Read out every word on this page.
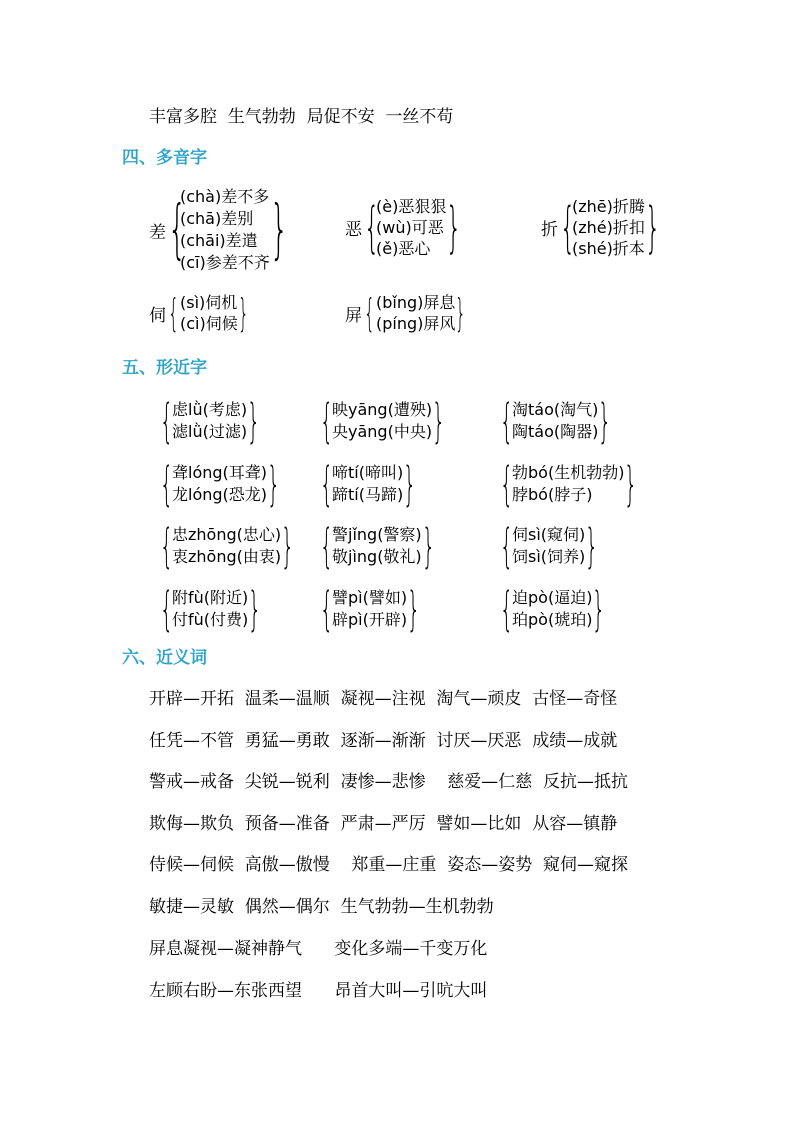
丰富多腔  生气勃勃  局促不安  一丝不苟
四、多音字
差 {
(chà)差不多
(chā)差别
(chāi)差遣
(cī)参差不齐 }	恶 {
(è)恶狠狠
(wù)可恶
(ě)恶心 }	折 {
(zhē)折腾
(zhé)折扣
(shé)折本 }
伺 { (sì)伺机
(cì)伺候 }	屏 { (bǐng)屏息
(píng)屏风 }
五、形近字
{
虑lǜ(考虑)
滤lǜ(过滤) } {
映yāng(遭殃)
央yāng(中央) } {
淘táo(淘气)
陶táo(陶器) }
{
聋lóng(耳聋)
龙lóng(恐龙) } {
啼tí(啼叫)
蹄tí(马蹄) } {
勃bó(生机勃勃)
脖bó(脖子) }
{
忠zhōng(忠心)
衷zhōng(由衷) } {
警jǐng(警察)
敬jìng(敬礼) } {
伺sì(窥伺)
饲sì(饲养) }
{
附fù(附近)
付fù(付费) } {
譬pì(譬如)
辟pì(开辟) } {
迫pò(逼迫)
珀pò(琥珀) }
六、近义词
开辟—开拓  温柔—温顺  凝视—注视  淘气—顽皮  古怪—奇怪
任凭—不管  勇猛—勇敢  逐渐—渐渐  讨厌—厌恶  成绩—成就
警戒—戒备  尖锐—锐利  凄惨—悲惨    慈爱—仁慈  反抗—抵抗
欺侮—欺负  预备—准备  严肃—严厉  譬如—比如  从容—镇静
侍候—伺候  高傲—傲慢    郑重—庄重  姿态—姿势  窥伺—窥探
敏捷—灵敏  偶然—偶尔  生气勃勃—生机勃勃
屏息凝视—凝神静气      变化多端—千变万化
左顾右盼—东张西望      昂首大叫—引吭大叫
